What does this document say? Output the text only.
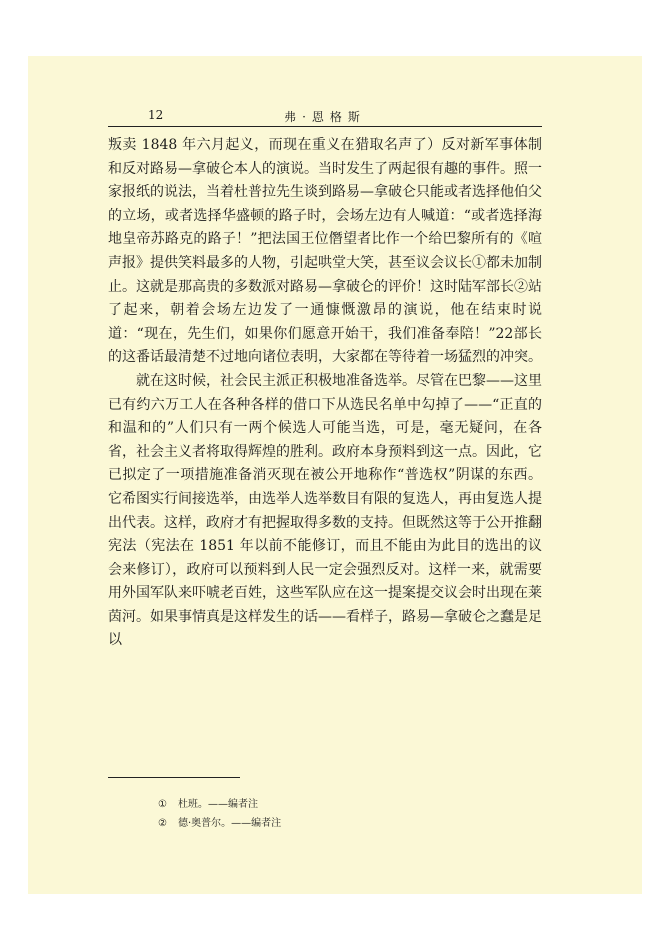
12	弗·恩格斯

叛卖 1848 年六月起义，而现在重义在猎取名声了）反对新军事体制和反对路易—拿破仑本人的演说。当时发生了两起很有趣的事件。照一家报纸的说法，当着杜普拉先生谈到路易—拿破仑只能或者选择他伯父的立场，或者选择华盛顿的路子时，会场左边有人喊道：“或者选择海地皇帝苏路克的路子！”把法国王位僭望者比作一个给巴黎所有的《喧声报》提供笑料最多的人物，引起哄堂大笑，甚至议会议长①都未加制止。这就是那高贵的多数派对路易—拿破仑的评价！这时陆军部长②站了起来，朝着会场左边发了一通慷慨激昂的演说，他在结束时说道：“现在，先生们，如果你们愿意开始干，我们准备奉陪！”22部长的这番话最清楚不过地向诸位表明，大家都在等待着一场猛烈的冲突。

就在这时候，社会民主派正积极地准备选举。尽管在巴黎——这里已有约六万工人在各种各样的借口下从选民名单中勾掉了——“正直的和温和的”人们只有一两个候选人可能当选，可是，毫无疑问，在各省，社会主义者将取得辉煌的胜利。政府本身预料到这一点。因此，它已拟定了一项措施准备消灭现在被公开地称作“普选权”阴谋的东西。它希图实行间接选举，由选举人选举数目有限的复选人，再由复选人提出代表。这样，政府才有把握取得多数的支持。但既然这等于公开推翻宪法（宪法在 1851 年以前不能修订，而且不能由为此目的选出的议会来修订），政府可以预料到人民一定会强烈反对。这样一来，就需要用外国军队来吓唬老百姓，这些军队应在这一提案提交议会时出现在莱茵河。如果事情真是这样发生的话——看样子，路易—拿破仑之蠢是足以

① 杜班。——编者注

② 德·奥普尔。——编者注
